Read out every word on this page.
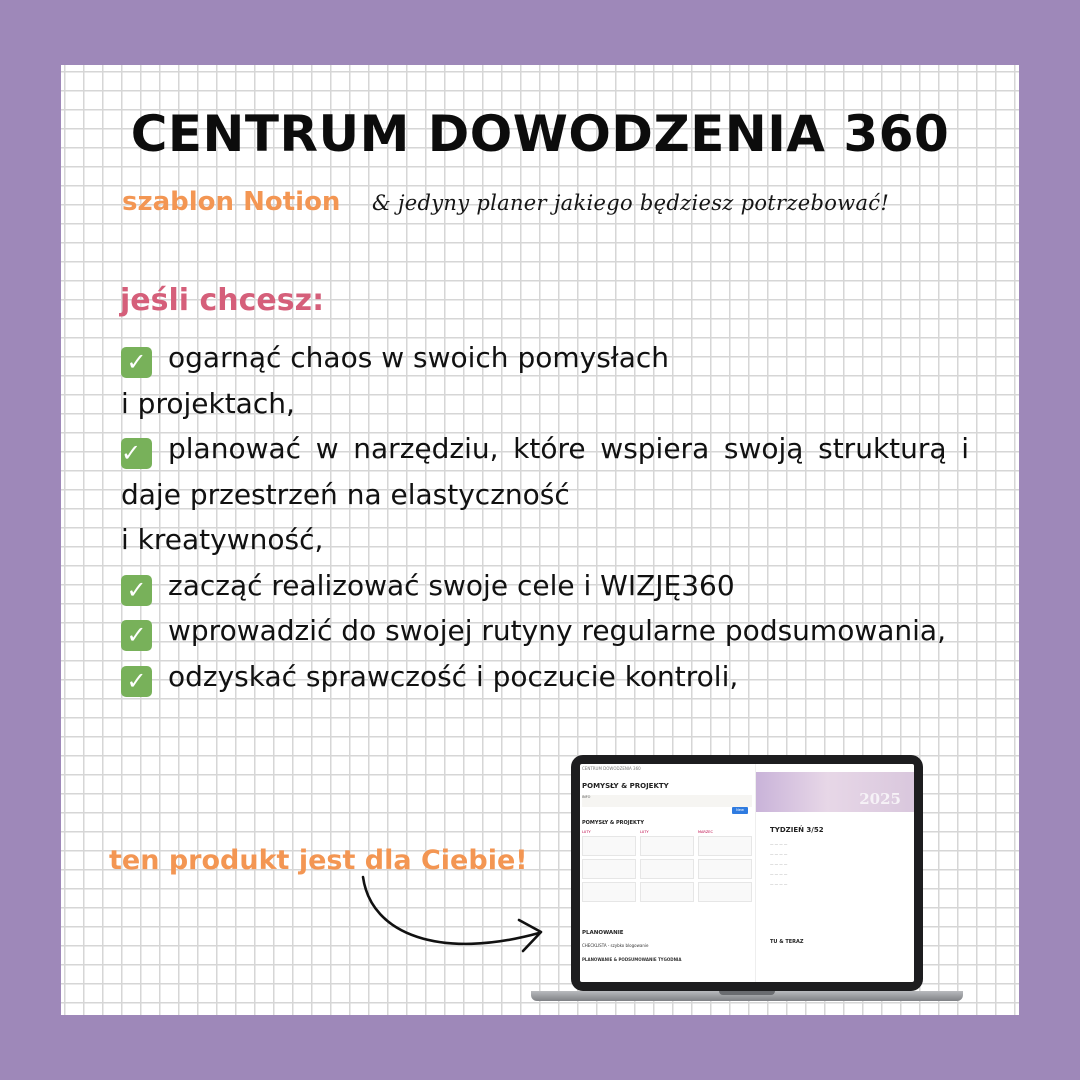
CENTRUM DOWODZENIA 360
szablon Notion & jedyny planer jakiego będziesz potrzebować!
jeśli chcesz:

✓ ogarnąć chaos w swoich pomysłach

i projektach,

✓ planować w narzędziu, które wspiera swoją strukturą i daje przestrzeń na elastyczność

i kreatywność,

✓ zacząć realizować swoje cele i WIZJĘ360

✓ wprowadzić do swojej rutyny regularne podsumowania,

✓ odzyskać sprawczość i poczucie kontroli,

ten produkt jest dla Ciebie!
CENTRUM DOWODZENIA 360
POMYSŁY & PROJEKTY
INFO
New
POMYSŁY & PROJEKTY
LUTY	LUTY	MARZEC
PLANOWANIE
CHECKLISTA - szybko blogowanie
PLANOWANIE & PODSUMOWANIE TYGODNIA
2025
TYDZIEŃ 3/52
— — — —
— — — —
— — — —
— — — —
— — — —
TU & TERAZ
